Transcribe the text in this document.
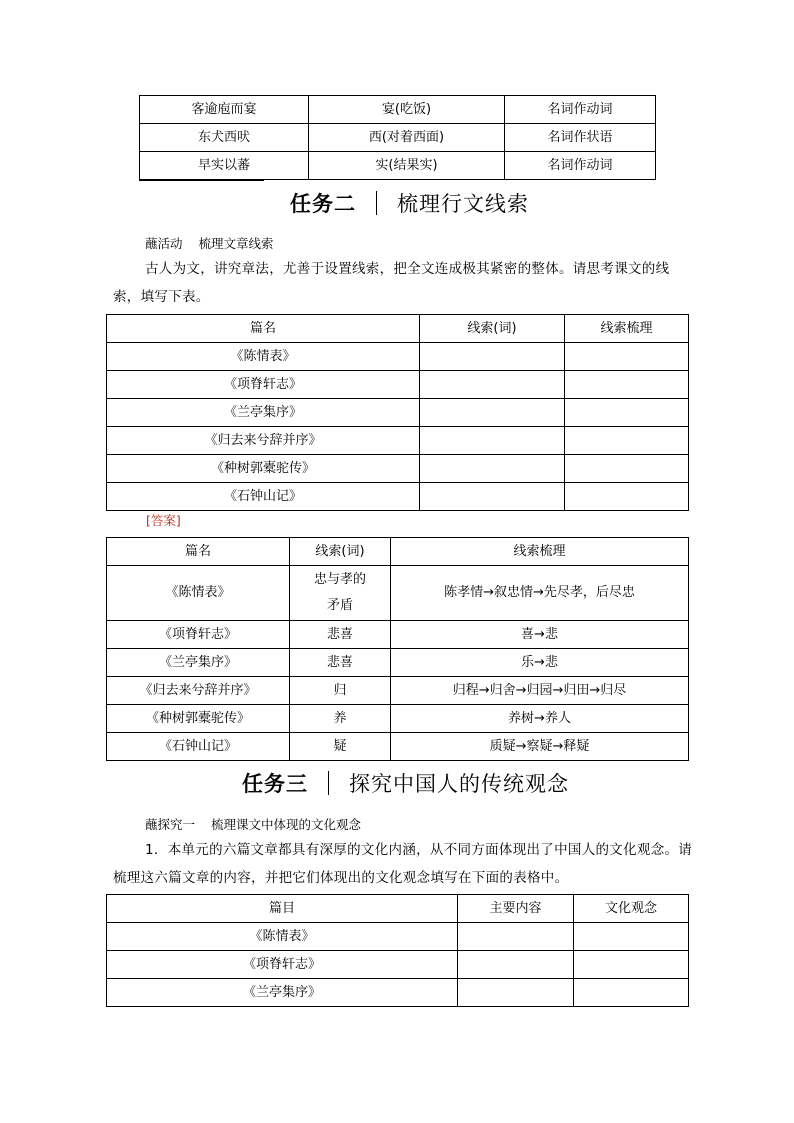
客逾庖而宴	宴(吃饭)	名词作动词
东犬西吠	西(对着西面)	名词作状语
早实以蕃	实(结果实)	名词作动词
任务二 梳理行文线索
蘸活动 梳理文章线索
古人为文，讲究章法，尤善于设置线索，把全文连成极其紧密的整体。请思考课文的线索，填写下表。
篇名	线索(词)	线索梳理
《陈情表》		
《项脊轩志》		
《兰亭集序》		
《归去来兮辞并序》		
《种树郭橐驼传》		
《石钟山记》		
[答案]
篇名	线索(词)	线索梳理
《陈情表》	忠与孝的矛盾	陈孝情→叙忠情→先尽孝，后尽忠
《项脊轩志》	悲喜	喜→悲
《兰亭集序》	悲喜	乐→悲
《归去来兮辞并序》	归	归程→归舍→归园→归田→归尽
《种树郭橐驼传》	养	养树→养人
《石钟山记》	疑	质疑→察疑→释疑
任务三 探究中国人的传统观念
蘸探究一 梳理课文中体现的文化观念
1．本单元的六篇文章都具有深厚的文化内涵，从不同方面体现出了中国人的文化观念。请梳理这六篇文章的内容，并把它们体现出的文化观念填写在下面的表格中。
篇目	主要内容	文化观念
《陈情表》		
《项脊轩志》		
《兰亭集序》		
